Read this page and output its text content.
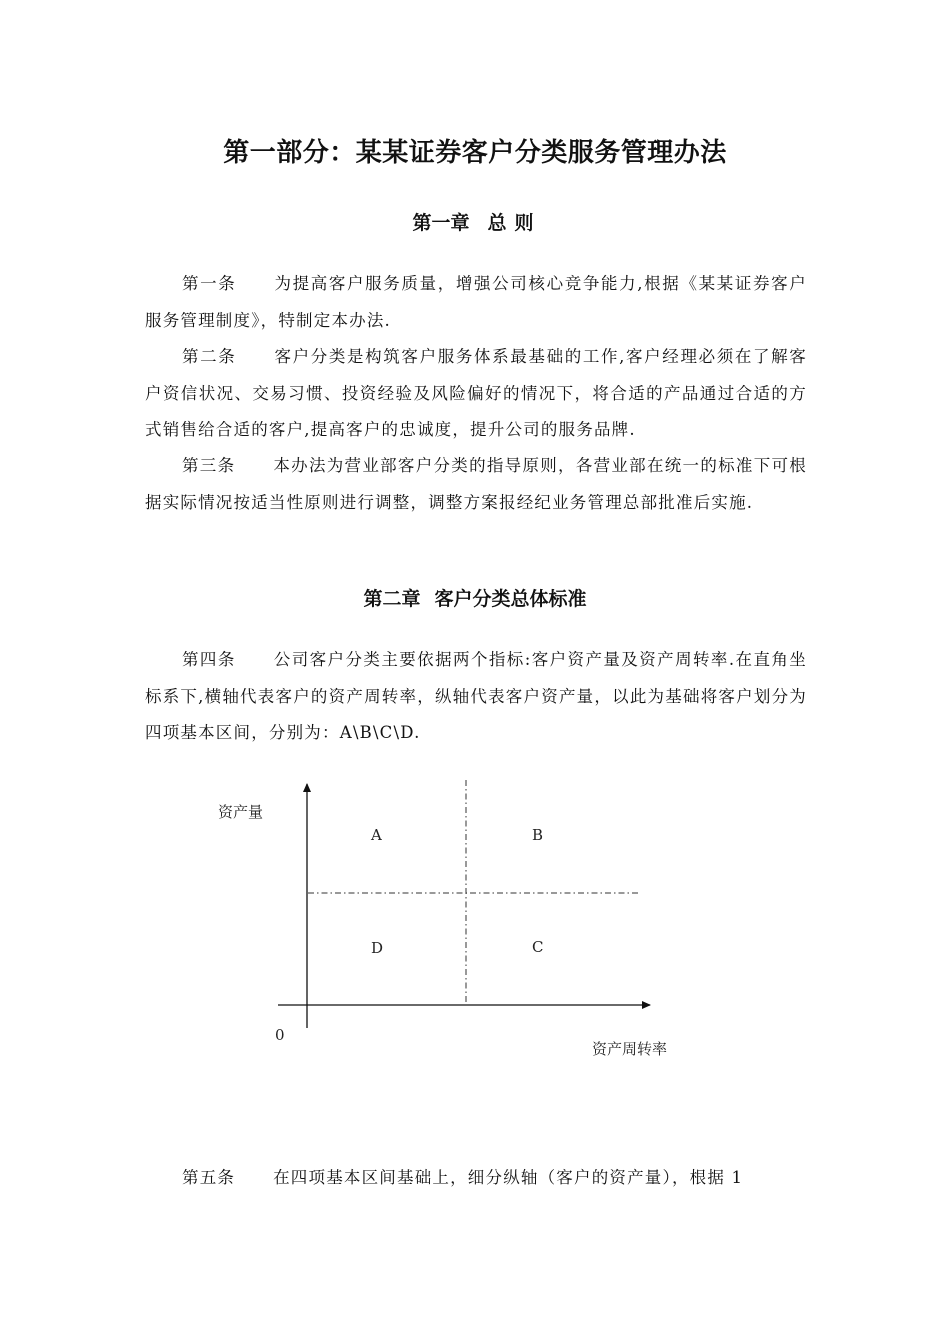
第一部分：某某证券客户分类服务管理办法
第一章 总 则

第一条 为提高客户服务质量，增强公司核心竞争能力,根据《某某证券客户服务管理制度》，特制定本办法.

第二条 客户分类是构筑客户服务体系最基础的工作,客户经理必须在了解客户资信状况、交易习惯、投资经验及风险偏好的情况下，将合适的产品通过合适的方式销售给合适的客户,提高客户的忠诚度，提升公司的服务品牌.

第三条 本办法为营业部客户分类的指导原则，各营业部在统一的标准下可根据实际情况按适当性原则进行调整，调整方案报经纪业务管理总部批准后实施.

第二章 客户分类总体标准

第四条 公司客户分类主要依据两个指标:客户资产量及资产周转率.在直角坐标系下,横轴代表客户的资产周转率，纵轴代表客户资产量，以此为基础将客户划分为四项基本区间，分别为：A\B\C\D.

资产量
资产周转率
0
A	B
D	C

第五条 在四项基本区间基础上，细分纵轴（客户的资产量），根据 1
